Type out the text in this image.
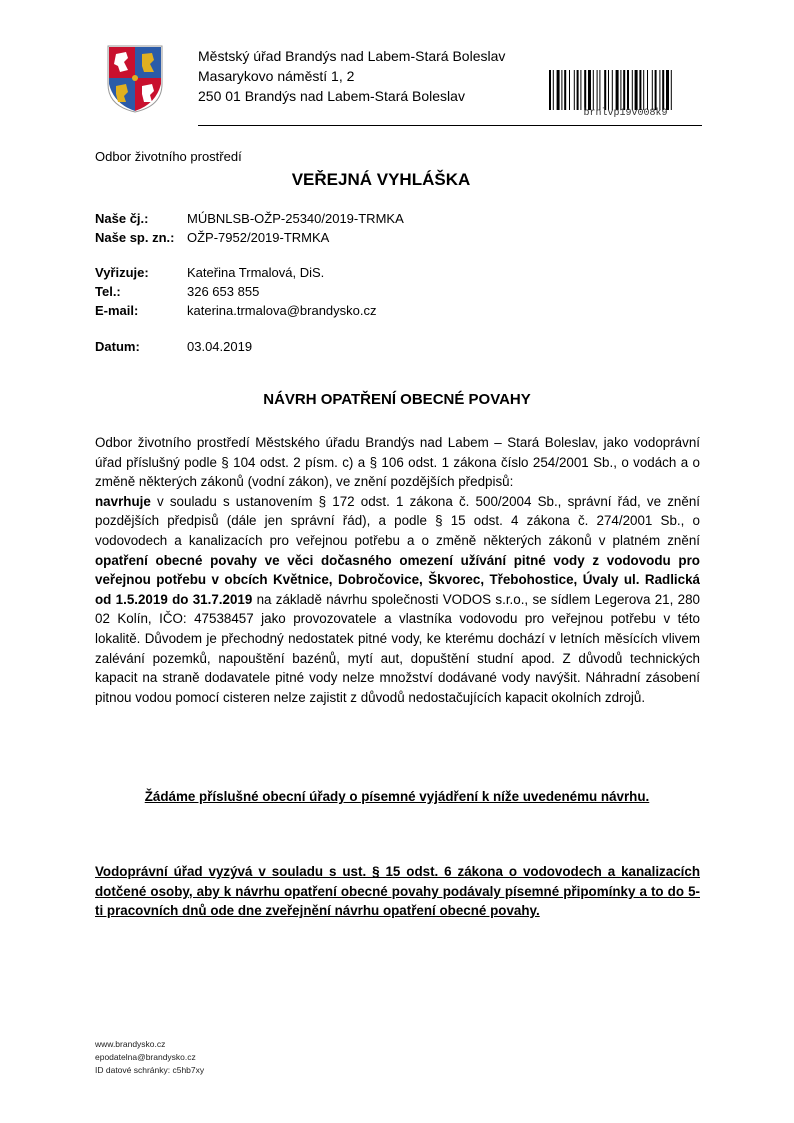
Městský úřad Brandýs nad Labem-Stará Boleslav
Masarykovo náměstí 1, 2
250 01 Brandýs nad Labem-Stará Boleslav
brnlvp19v008k9
Odbor životního prostředí
VEŘEJNÁ VYHLÁŠKA
Naše čj.:	MÚBNLSB-OŽP-25340/2019-TRMKA
Naše sp. zn.: OŽP-7952/2019-TRMKA
Vyřizuje:	Kateřina Trmalová, DiS.
Tel.:	326 653 855
E-mail:	katerina.trmalova@brandysko.cz
Datum:	03.04.2019
NÁVRH OPATŘENÍ OBECNÉ POVAHY
Odbor životního prostředí Městského úřadu Brandýs nad Labem – Stará Boleslav, jako vodoprávní úřad příslušný podle § 104 odst. 2 písm. c) a § 106 odst. 1 zákona číslo 254/2001 Sb., o vodách a o změně některých zákonů (vodní zákon), ve znění pozdějších předpisů:
navrhuje v souladu s ustanovením § 172 odst. 1 zákona č. 500/2004 Sb., správní řád, ve znění pozdějších předpisů (dále jen správní řád), a podle § 15 odst. 4 zákona č. 274/2001 Sb., o vodovodech a kanalizacích pro veřejnou potřebu a o změně některých zákonů v platném znění opatření obecné povahy ve věci dočasného omezení užívání pitné vody z vodovodu pro veřejnou potřebu v obcích Květnice, Dobročovice, Škvorec, Třebohostice, Úvaly ul. Radlická od 1.5.2019 do 31.7.2019 na základě návrhu společnosti VODOS s.r.o., se sídlem Legerova 21, 280 02 Kolín, IČO: 47538457 jako provozovatele a vlastníka vodovodu pro veřejnou potřebu v této lokalitě. Důvodem je přechodný nedostatek pitné vody, ke kterému dochází v letních měsících vlivem zalévání pozemků, napouštění bazénů, mytí aut, dopuštění studní apod. Z důvodů technických kapacit na straně dodavatele pitné vody nelze množství dodávané vody navýšit. Náhradní zásobení pitnou vodou pomocí cisteren nelze zajistit z důvodů nedostačujících kapacit okolních zdrojů.
Žádáme příslušné obecní úřady o písemné vyjádření k níže uvedenému návrhu.
Vodoprávní úřad vyzývá v souladu s ust. § 15 odst. 6 zákona o vodovodech a kanalizacích dotčené osoby, aby k návrhu opatření obecné povahy podávaly písemné připomínky a to do 5-ti pracovních dnů ode dne zveřejnění návrhu opatření obecné povahy.
www.brandysko.cz
epodatelna@brandysko.cz
ID datové schránky: c5hb7xy
